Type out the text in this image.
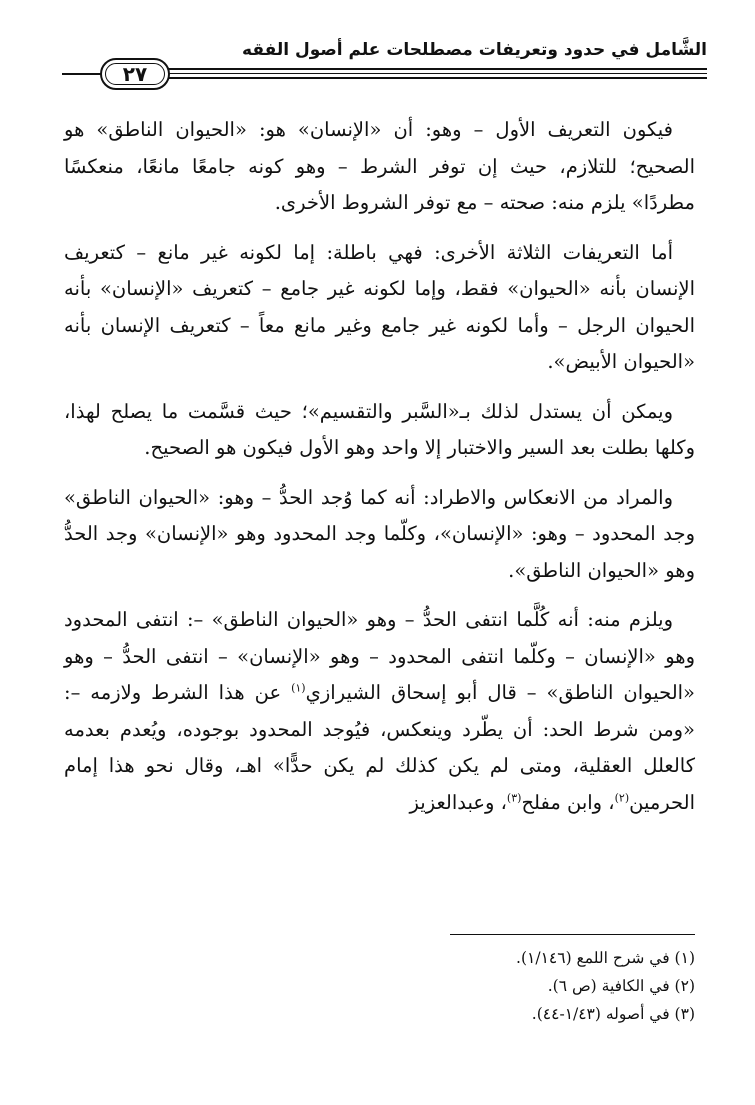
الشَّامل في حدود وتعريفات مصطلحات علم أصول الفقه
٢٧

فيكون التعريف الأول – وهو: أن «الإنسان» هو: «الحيوان الناطق» هو الصحيح؛ للتلازم، حيث إن توفر الشرط – وهو كونه جامعًا مانعًا، منعكسًا مطردًا» يلزم منه: صحته – مع توفر الشروط الأخرى.

أما التعريفات الثلاثة الأخرى: فهي باطلة: إما لكونه غير مانع – كتعريف الإنسان بأنه «الحيوان» فقط، وإما لكونه غير جامع – كتعريف «الإنسان» بأنه الحيوان الرجل – وأما لكونه غير جامع وغير مانع معاً – كتعريف الإنسان بأنه «الحيوان الأبيض».

ويمكن أن يستدل لذلك بـ«السَّبر والتقسيم»؛ حيث قسَّمت ما يصلح لهذا، وكلها بطلت بعد السير والاختبار إلا واحد وهو الأول فيكون هو الصحيح.

والمراد من الانعكاس والاطراد: أنه كما وُجد الحدُّ – وهو: «الحيوان الناطق» وجد المحدود – وهو: «الإنسان»، وكلّما وجد المحدود وهو «الإنسان» وجد الحدُّ وهو «الحيوان الناطق».

ويلزم منه: أنه كُلَّما انتفى الحدُّ – وهو «الحيوان الناطق» –: انتفى المحدود وهو «الإنسان – وكلّما انتفى المحدود – وهو «الإنسان» – انتفى الحدُّ – وهو «الحيوان الناطق» – قال أبو إسحاق الشيرازي$^{(١)}$ عن هذا الشرط ولازمه –: «ومن شرط الحد: أن يطّرد وينعكس، فيُوجد المحدود بوجوده، ويُعدم بعدمه كالعلل العقلية، ومتى لم يكن كذلك لم يكن حدًّا» اهـ، وقال نحو هذا إمام الحرمين$^{(٢)}$، وابن مفلح$^{(٣)}$، وعبدالعزيز

(١) في شرح اللمع (١/١٤٦).
(٢) في الكافية (ص ٦).
(٣) في أصوله (١/٤٣-٤٤).
